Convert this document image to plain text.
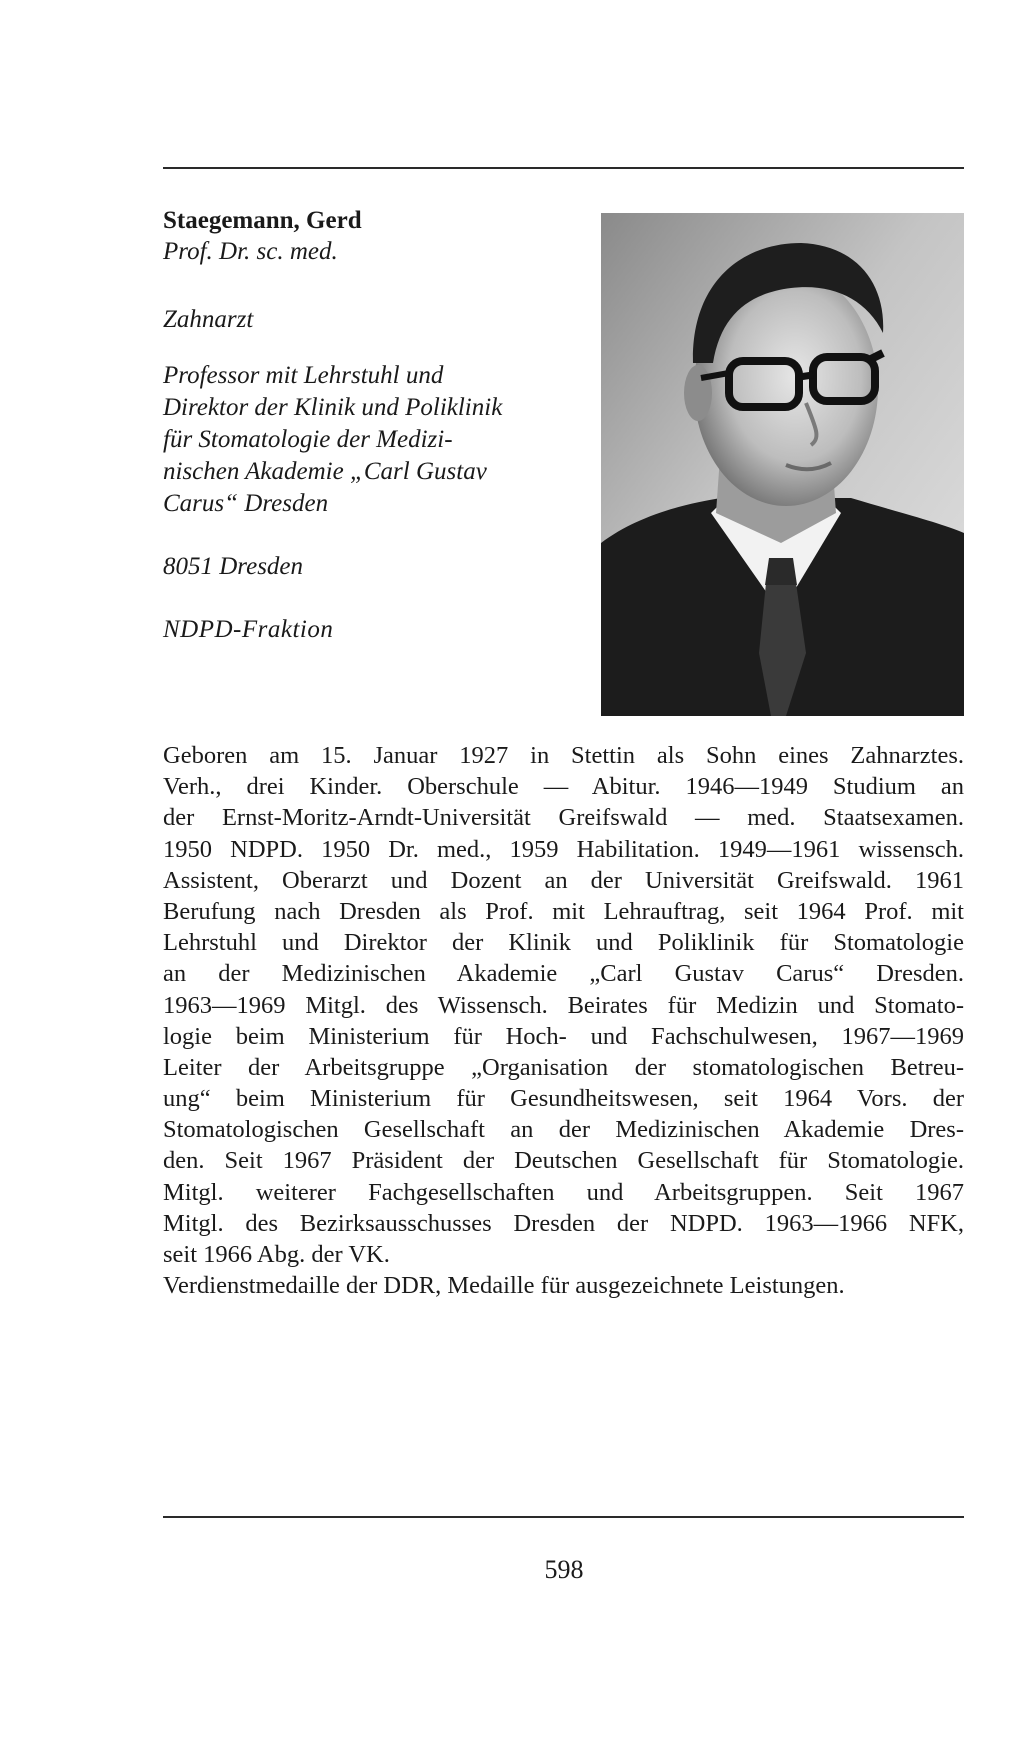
Staegemann, Gerd
Prof. Dr. sc. med.
Zahnarzt
Professor mit Lehrstuhl und
Direktor der Klinik und Poliklinik
für Stomatologie der Medizi-
nischen Akademie „Carl Gustav
Carus“ Dresden
8051 Dresden
NDPD-Fraktion
Geboren am 15. Januar 1927 in Stettin als Sohn eines Zahnarztes.
Verh., drei Kinder. Oberschule — Abitur. 1946—1949 Studium an
der Ernst-Moritz-Arndt-Universität Greifswald — med. Staatsexamen.
1950 NDPD. 1950 Dr. med., 1959 Habilitation. 1949—1961 wissensch.
Assistent, Oberarzt und Dozent an der Universität Greifswald. 1961
Berufung nach Dresden als Prof. mit Lehrauftrag, seit 1964 Prof. mit
Lehrstuhl und Direktor der Klinik und Poliklinik für Stomatologie
an der Medizinischen Akademie „Carl Gustav Carus“ Dresden.
1963—1969 Mitgl. des Wissensch. Beirates für Medizin und Stomato-
logie beim Ministerium für Hoch- und Fachschulwesen, 1967—1969
Leiter der Arbeitsgruppe „Organisation der stomatologischen Betreu-
ung“ beim Ministerium für Gesundheitswesen, seit 1964 Vors. der
Stomatologischen Gesellschaft an der Medizinischen Akademie Dres-
den. Seit 1967 Präsident der Deutschen Gesellschaft für Stomatologie.
Mitgl. weiterer Fachgesellschaften und Arbeitsgruppen. Seit 1967
Mitgl. des Bezirksausschusses Dresden der NDPD. 1963—1966 NFK,
seit 1966 Abg. der VK.
Verdienstmedaille der DDR, Medaille für ausgezeichnete Leistungen.
598
